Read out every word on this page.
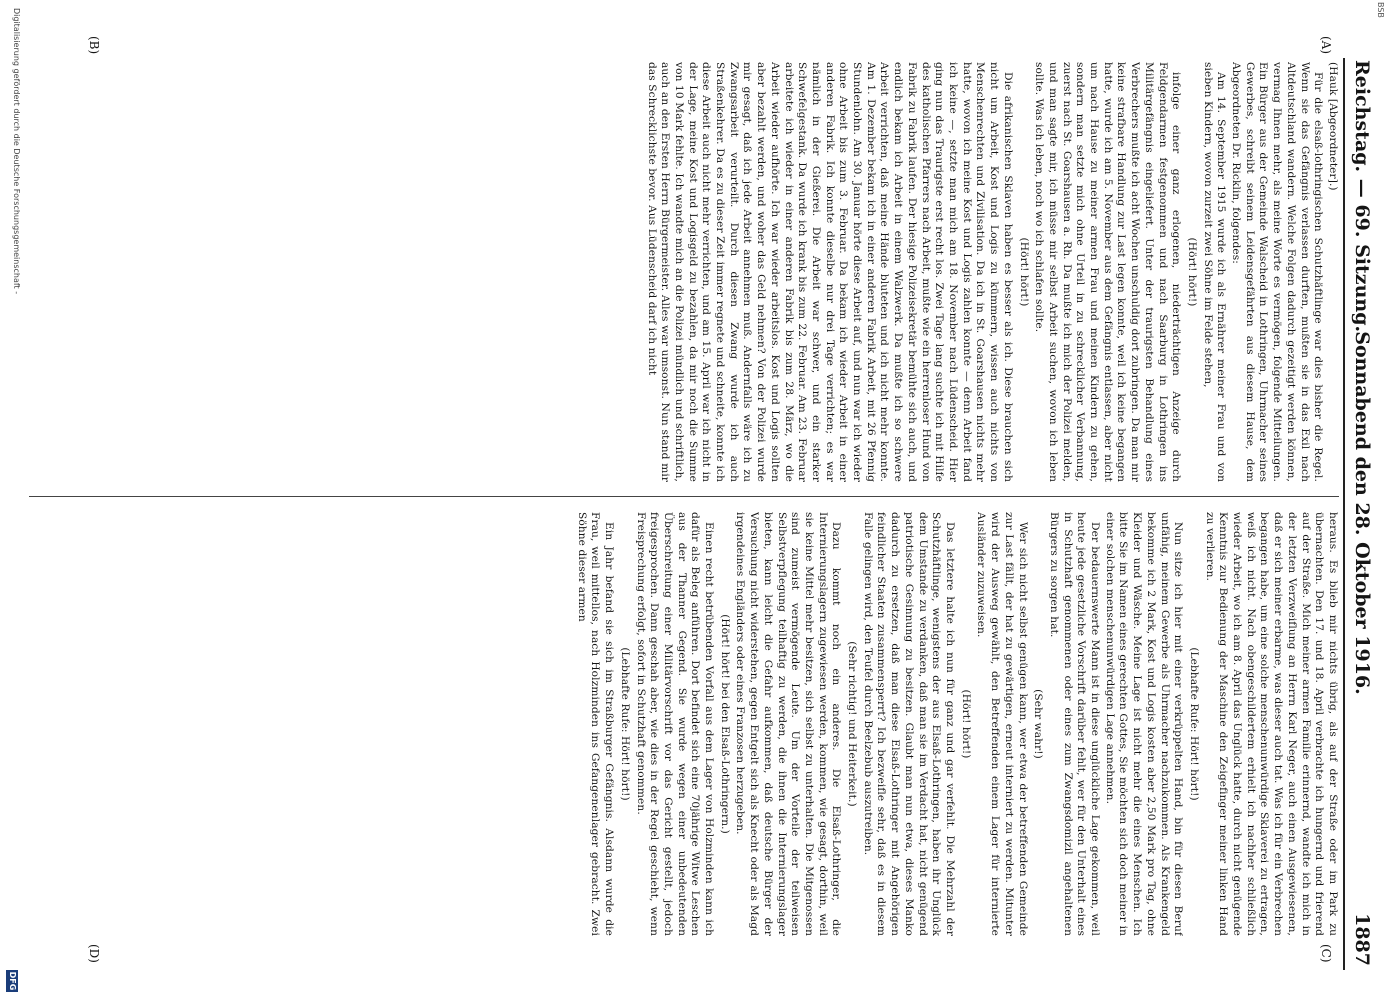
BSB
Reichstag. — 69. Sitzung.
Sonnabend den 28. Oktober 1916.
1887
(A)
(B)
(C)
(D)

(Hauk [Abgeordneter].)

Für die elsaß-lothringischen Schutzhäftlinge war dies bisher die Regel. Wenn sie das Gefängnis verlassen durften, mußten sie in das Exil nach Altdeutschland wandern. Welche Folgen dadurch gezeitigt werden können, vermag Ihnen mehr, als meine Worte es vermögen, folgende Mitteilungen. Ein Bürger aus der Gemeinde Walscheid in Lothringen, Uhrmacher seines Gewerbes, schreibt seinem Leidensgefährten aus diesem Hause, dem Abgeordneten Dr. Ricklin, folgendes:

Am 14. September 1915 wurde ich als Ernährer meiner Frau und von sieben Kindern, wovon zurzeit zwei Söhne im Felde stehen,

(Hört! hört!)

infolge einer ganz erlogenen, niederträchtigen Anzeige durch Feldgendarmen festgenommen und nach Saarburg in Lothringen ins Militärgefängnis eingeliefert. Unter der traurigsten Behandlung eines Verbrechers mußte ich acht Wochen unschuldig dort zubringen. Da man mir keine strafbare Handlung zur Last legen konnte, weil ich keine begangen hatte, wurde ich am 5. November aus dem Gefängnis entlassen, aber nicht um nach Hause zu meiner armen Frau und meinen Kindern zu gehen, sondern man setzte mich ohne Urteil in zu schrecklicher Verbannung, zuerst nach St. Goarshausen a. Rh. Da mußte ich mich der Polizei melden, und man sagte mir, ich müsse mir selbst Arbeit suchen, wovon ich leben sollte. Was ich leben, noch wo ich schlafen sollte.

(Hört! hört!)

Die afrikanischen Sklaven haben es besser als ich. Diese brauchen sich nicht um Arbeit, Kost und Logis zu kümmern, wissen auch nichts von Menschenrechten und Zivilisation. Da ich in St. Goarshausen nichts mehr hatte, wovon ich meine Kost und Logis zahlen konnte — denn Arbeit fand ich keine —, setzte man mich am 18. November nach Lüdenscheid. Hier ging nun das Traurigste erst recht los. Zwei Tage lang suchte ich mit Hilfe des katholischen Pfarrers nach Arbeit, mußte wie ein herrenloser Hund von Fabrik zu Fabrik laufen. Der hiesige Polizeisekretär bemühte sich auch, und endlich bekam ich Arbeit in einem Walzwerk. Da mußte ich so schwere Arbeit verrichten, daß meine Hände bluteten und ich nicht mehr konnte. Am 1. Dezember bekam ich in einer anderen Fabrik Arbeit, mit 26 Pfennig Stundenlohn. Am 30. Januar hörte diese Arbeit auf, und nun war ich wieder ohne Arbeit bis zum 3. Februar. Da bekam ich wieder Arbeit in einer anderen Fabrik. Ich konnte dieselbe nur drei Tage verrichten; es war nämlich in der Gießerei. Die Arbeit war schwer, und ein starker Schwefelgestank. Da wurde ich krank bis zum 22. Februar. Am 23. Februar arbeitete ich wieder in einer anderen Fabrik bis zum 28. März, wo die Arbeit wieder aufhörte. Ich war wieder arbeitslos. Kost und Logis sollten aber bezahlt werden, und woher das Geld nehmen? Von der Polizei wurde mir gesagt, daß ich jede Arbeit annehmen muß. Andernfalls wäre ich zu Zwangsarbeit verurteilt. Durch diesen Zwang wurde ich auch Straßenkehrer. Da es zu dieser Zeit immer regnete und schneite, konnte ich diese Arbeit auch nicht mehr verrichten, und am 15. April war ich nicht in der Lage, meine Kost und Logisgeld zu bezahlen, da mir noch die Summe von 10 Mark fehlte. Ich wandte mich an die Polizei mündlich und schriftlich, auch an den Ersten Herrn Bürgermeister. Alles war umsonst. Nun stand mir das Schrecklichste bevor. Aus Lüdenscheid darf ich nicht

heraus. Es blieb mir nichts übrig, als auf der Straße oder im Park zu übernachten. Den 17. und 18. April verbrachte ich hungernd und frierend auf der Straße. Mich meiner armen Familie erinnernd, wandte ich mich in der letzten Verzweiflung an Herrn Karl Neger, auch einen Ausgewiesenen, daß er sich meiner erbarme, was dieser auch tat. Was ich für ein Verbrechen begangen habe, um eine solche menschenunwürdige Sklaverei zu ertragen, weiß ich nicht. Nach obengeschildertem erhielt ich nachher schließlich wieder Arbeit, wo ich am 8. April das Unglück hatte, durch nicht genügende Kenntnis zur Bedienung der Maschine den Zeigefinger meiner linken Hand zu verlieren.

(Lebhafte Rufe: Hört! hört!)

Nun sitze ich hier mit einer verkrüppelten Hand, bin für diesen Beruf unfähig, meinem Gewerbe als Uhrmacher nachzukommen. Als Krankengeld bekomme ich 2 Mark, Kost und Logis kosten aber 2,50 Mark pro Tag, ohne Kleider und Wäsche. Meine Lage ist nicht mehr die eines Menschen. Ich bitte Sie im Namen eines gerechten Gottes, Sie möchten sich doch meiner in einer solchen menschenunwürdigen Lage annehmen.

Der bedauernswerte Mann ist in diese unglückliche Lage gekommen, weil heute jede gesetzliche Vorschrift darüber fehlt, wer für den Unterhalt eines in Schutzhaft genommenen oder eines zum Zwangsdomizil angehaltenen Bürgers zu sorgen hat.

(Sehr wahr!)

Wer sich nicht selbst genügen kann, wer etwa der betreffenden Gemeinde zur Last fällt, der hat zu gewärtigen, erneut interniert zu werden. Mitunter wird der Ausweg gewählt, den Betreffenden einem Lager für internierte Ausländer zuzuweisen.

(Hört! hört!)

Das letztere halte ich nun für ganz und gar verfehlt. Die Mehrzahl der Schutzhäftlinge, wenigstens der aus Elsaß-Lothringen, haben ihr Unglück dem Umstande zu verdanken, daß man sie im Verdacht hat, nicht genügend patriotische Gesinnung zu besitzen. Glaubt man nun etwa, dieses Manko dadurch zu ersetzen, daß man diese Elsaß-Lothringer mit Angehörigen feindlicher Staaten zusammensperrt? Ich bezweifle sehr, daß es in diesem Falle gelingen wird, den Teufel durch Beelzebub auszutreiben.

(Sehr richtig! und Heiterkeit.)

Dazu kommt noch ein anderes. Die Elsaß-Lothringer, die Internierungslagern zugewiesen werden, kommen, wie gesagt, dorthin, weil sie keine Mittel mehr besitzen, sich selbst zu unterhalten. Die Mitgenossen sind zumeist vermögende Leute. Um der Vorteile der teilweisen Selbstverpflegung teilhaftig zu werden, die ihnen die Internierungslager bieten, kann leicht die Gefahr aufkommen, daß deutsche Bürger der Versuchung nicht widerstehen, gegen Entgelt sich als Knecht oder als Magd irgendeines Engländers oder eines Franzosen herzugeben.

(Hört! hört! bei den Elsaß-Lothringern.)

Einen recht betrübenden Vorfall aus dem Lager von Holzminden kann ich dafür als Beleg anführen. Dort befindet sich eine 70jährige Witwe Leschen aus der Thanner Gegend. Sie wurde wegen einer unbedeutenden Überschreitung einer Militärvorschrift vor das Gericht gestellt, jedoch freigesprochen. Dann geschah aber, wie dies in der Regel geschieht, wenn Freisprechung erfolgt, sofort in Schutzhaft genommen.

(Lebhafte Rufe: Hört! hört!)

Ein Jahr befand sie sich im Straßburger Gefängnis. Alsdann wurde die Frau, weil mittellos, nach Holzminden ins Gefangenenlager gebracht. Zwei Söhne dieser armen

Digitalisierung gefördert durch die Deutsche Forschungsgemeinschaft -
DFG
